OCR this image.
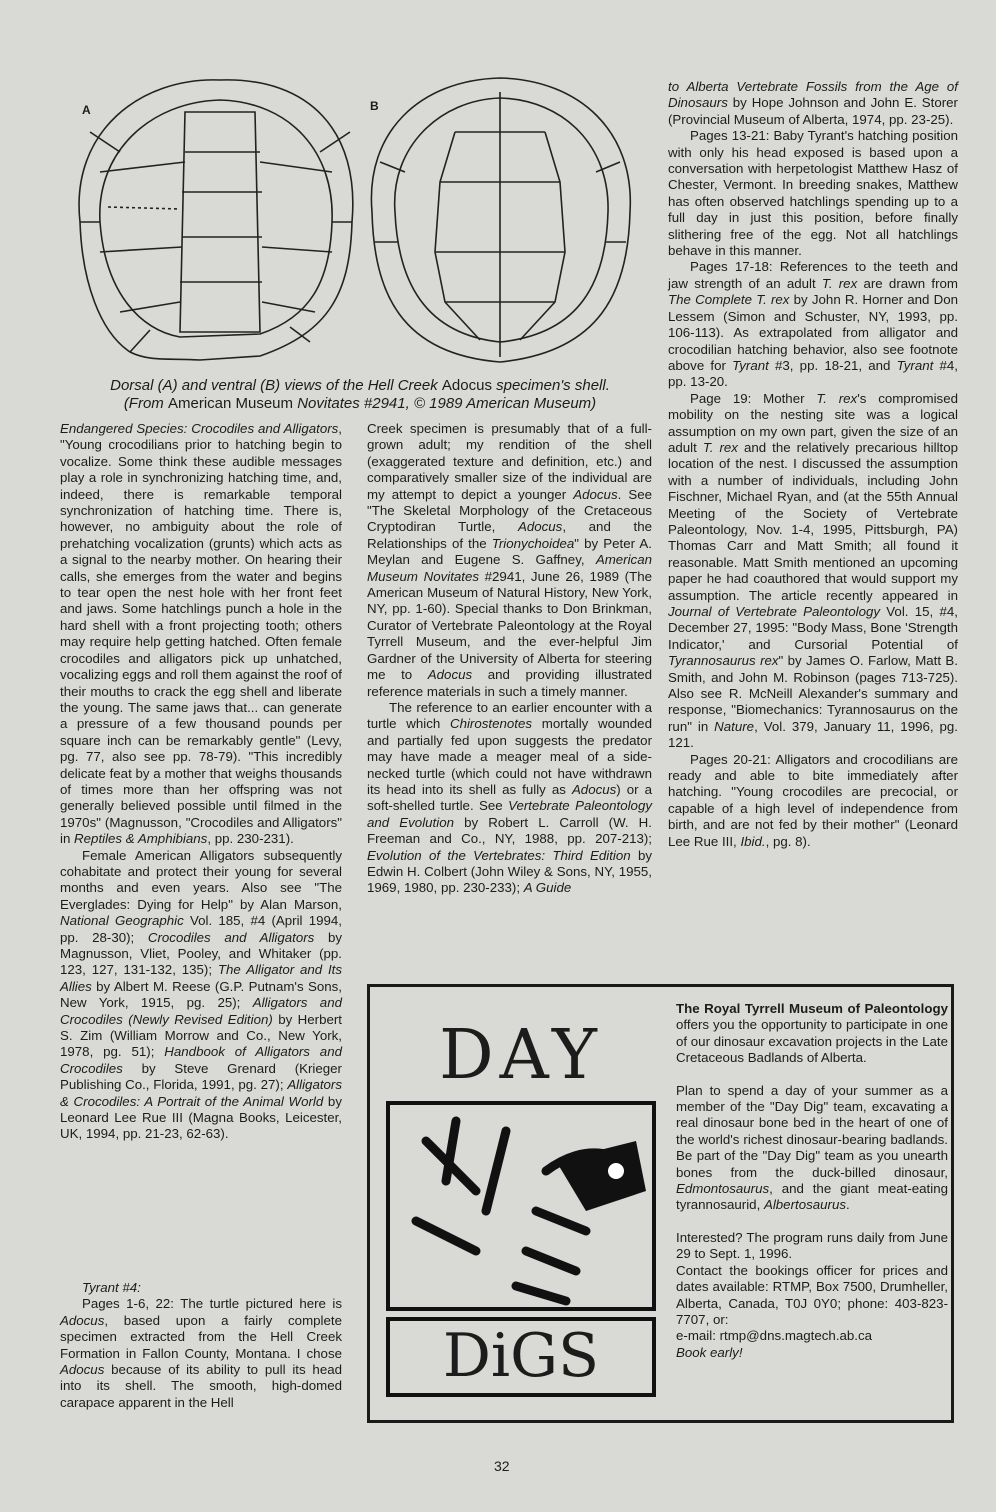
A	B
Dorsal (A) and ventral (B) views of the Hell Creek Adocus specimen's shell.
(From American Museum Novitates #2941, © 1989 American Museum)

Endangered Species: Crocodiles and Alligators, "Young crocodilians prior to hatching begin to vocalize. Some think these audible messages play a role in synchronizing hatching time, and, indeed, there is remarkable temporal synchronization of hatching time. There is, however, no ambiguity about the role of prehatching vocalization (grunts) which acts as a signal to the nearby mother. On hearing their calls, she emerges from the water and begins to tear open the nest hole with her front feet and jaws. Some hatchlings punch a hole in the hard shell with a front projecting tooth; others may require help getting hatched. Often female crocodiles and alligators pick up unhatched, vocalizing eggs and roll them against the roof of their mouths to crack the egg shell and liberate the young. The same jaws that... can generate a pressure of a few thousand pounds per square inch can be remarkably gentle" (Levy, pg. 77, also see pp. 78-79). "This incredibly delicate feat by a mother that weighs thousands of times more than her offspring was not generally believed possible until filmed in the 1970s" (Magnusson, "Crocodiles and Alligators" in Reptiles & Amphibians, pp. 230-231).

Female American Alligators subsequently cohabitate and protect their young for several months and even years. Also see "The Everglades: Dying for Help" by Alan Marson, National Geographic Vol. 185, #4 (April 1994, pp. 28-30); Crocodiles and Alligators by Magnusson, Vliet, Pooley, and Whitaker (pp. 123, 127, 131-132, 135); The Alligator and Its Allies by Albert M. Reese (G.P. Putnam's Sons, New York, 1915, pg. 25); Alligators and Crocodiles (Newly Revised Edition) by Herbert S. Zim (William Morrow and Co., New York, 1978, pg. 51); Handbook of Alligators and Crocodiles by Steve Grenard (Krieger Publishing Co., Florida, 1991, pg. 27); Alligators & Crocodiles: A Portrait of the Animal World by Leonard Lee Rue III (Magna Books, Leicester, UK, 1994, pp. 21-23, 62-63).

Tyrant #4:

Pages 1-6, 22: The turtle pictured here is Adocus, based upon a fairly complete specimen extracted from the Hell Creek Formation in Fallon County, Montana. I chose Adocus because of its ability to pull its head into its shell. The smooth, high-domed carapace apparent in the Hell

Creek specimen is presumably that of a full-grown adult; my rendition of the shell (exaggerated texture and definition, etc.) and comparatively smaller size of the individual are my attempt to depict a younger Adocus. See "The Skeletal Morphology of the Cretaceous Cryptodiran Turtle, Adocus, and the Relationships of the Trionychoidea" by Peter A. Meylan and Eugene S. Gaffney, American Museum Novitates #2941, June 26, 1989 (The American Museum of Natural History, New York, NY, pp. 1-60). Special thanks to Don Brinkman, Curator of Vertebrate Paleontology at the Royal Tyrrell Museum, and the ever-helpful Jim Gardner of the University of Alberta for steering me to Adocus and providing illustrated reference materials in such a timely manner.

The reference to an earlier encounter with a turtle which Chirostenotes mortally wounded and partially fed upon suggests the predator may have made a meager meal of a side-necked turtle (which could not have withdrawn its head into its shell as fully as Adocus) or a soft-shelled turtle. See Vertebrate Paleontology and Evolution by Robert L. Carroll (W. H. Freeman and Co., NY, 1988, pp. 207-213); Evolution of the Vertebrates: Third Edition by Edwin H. Colbert (John Wiley & Sons, NY, 1955, 1969, 1980, pp. 230-233); A Guide

to Alberta Vertebrate Fossils from the Age of Dinosaurs by Hope Johnson and John E. Storer (Provincial Museum of Alberta, 1974, pp. 23-25).

Pages 13-21: Baby Tyrant's hatching position with only his head exposed is based upon a conversation with herpetologist Matthew Hasz of Chester, Vermont. In breeding snakes, Matthew has often observed hatchlings spending up to a full day in just this position, before finally slithering free of the egg. Not all hatchlings behave in this manner.

Pages 17-18: References to the teeth and jaw strength of an adult T. rex are drawn from The Complete T. rex by John R. Horner and Don Lessem (Simon and Schuster, NY, 1993, pp. 106-113). As extrapolated from alligator and crocodilian hatching behavior, also see footnote above for Tyrant #3, pp. 18-21, and Tyrant #4, pp. 13-20.

Page 19: Mother T. rex's compromised mobility on the nesting site was a logical assumption on my own part, given the size of an adult T. rex and the relatively precarious hilltop location of the nest. I discussed the assumption with a number of individuals, including John Fischner, Michael Ryan, and (at the 55th Annual Meeting of the Society of Vertebrate Paleontology, Nov. 1-4, 1995, Pittsburgh, PA) Thomas Carr and Matt Smith; all found it reasonable. Matt Smith mentioned an upcoming paper he had coauthored that would support my assumption. The article recently appeared in Journal of Vertebrate Paleontology Vol. 15, #4, December 27, 1995: "Body Mass, Bone 'Strength Indicator,' and Cursorial Potential of Tyrannosaurus rex" by James O. Farlow, Matt B. Smith, and John M. Robinson (pages 713-725). Also see R. McNeill Alexander's summary and response, "Biomechanics: Tyrannosaurus on the run" in Nature, Vol. 379, January 11, 1996, pg. 121.

Pages 20-21: Alligators and crocodilians are ready and able to bite immediately after hatching. "Young crocodiles are precocial, or capable of a high level of independence from birth, and are not fed by their mother" (Leonard Lee Rue III, Ibid., pg. 8).

DAY
DiGS

The Royal Tyrrell Museum of Paleontology offers you the opportunity to participate in one of our dinosaur excavation projects in the Late Cretaceous Badlands of Alberta.

Plan to spend a day of your summer as a member of the "Day Dig" team, excavating a real dinosaur bone bed in the heart of one of the world's richest dinosaur-bearing badlands. Be part of the "Day Dig" team as you unearth bones from the duck-billed dinosaur, Edmontosaurus, and the giant meat-eating tyrannosaurid, Albertosaurus.

Interested? The program runs daily from June 29 to Sept. 1, 1996.

Contact the bookings officer for prices and dates available: RTMP, Box 7500, Drumheller, Alberta, Canada, T0J 0Y0; phone: 403-823-7707, or:

e-mail: rtmp@dns.magtech.ab.ca

Book early!

32
